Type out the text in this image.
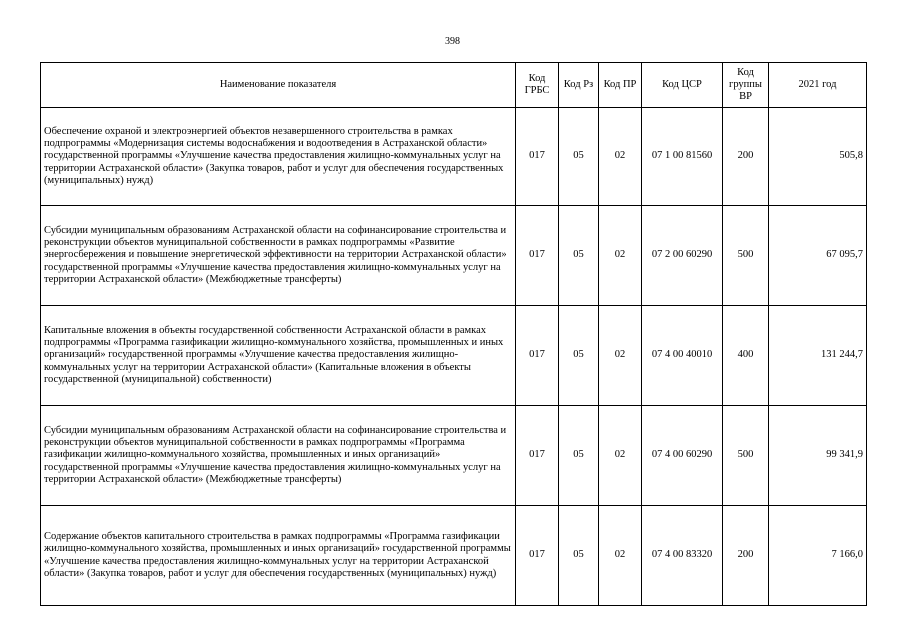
398
Наименование показателя	Код ГРБС	Код Рз	Код ПР	Код ЦСР	Код группы ВР	2021 год
Обеспечение охраной и электроэнергией объектов незавершенного строительства в рамках подпрограммы «Модернизация системы водоснабжения и водоотведения в Астраханской области» государственной программы «Улучшение качества предоставления жилищно-коммунальных услуг на территории Астраханской области» (Закупка товаров, работ и услуг для обеспечения государственных (муниципальных) нужд)	017	05	02	07 1 00 81560	200	505,8
Субсидии муниципальным образованиям Астраханской области на софинансирование строительства и реконструкции объектов муниципальной собственности в рамках подпрограммы «Развитие энергосбережения и повышение энергетической эффективности на территории Астраханской области» государственной программы «Улучшение качества предоставления жилищно-коммунальных услуг на территории Астраханской области» (Межбюджетные трансферты)	017	05	02	07 2 00 60290	500	67 095,7
Капитальные вложения в объекты государственной собственности Астраханской области в рамках подпрограммы «Программа газификации жилищно-коммунального хозяйства, промышленных и иных организаций» государственной программы «Улучшение качества предоставления жилищно-коммунальных услуг на территории Астраханской области» (Капитальные вложения в объекты государственной (муниципальной) собственности)	017	05	02	07 4 00 40010	400	131 244,7
Субсидии муниципальным образованиям Астраханской области на софинансирование строительства и реконструкции объектов муниципальной собственности в рамках подпрограммы «Программа газификации жилищно-коммунального хозяйства, промышленных и иных организаций» государственной программы «Улучшение качества предоставления жилищно-коммунальных услуг на территории Астраханской области» (Межбюджетные трансферты)	017	05	02	07 4 00 60290	500	99 341,9
Содержание объектов капитального строительства в рамках подпрограммы «Программа газификации жилищно-коммунального хозяйства, промышленных и иных организаций» государственной программы «Улучшение качества предоставления жилищно-коммунальных услуг на территории Астраханской области» (Закупка товаров, работ и услуг для обеспечения государственных (муниципальных) нужд)	017	05	02	07 4 00 83320	200	7 166,0
